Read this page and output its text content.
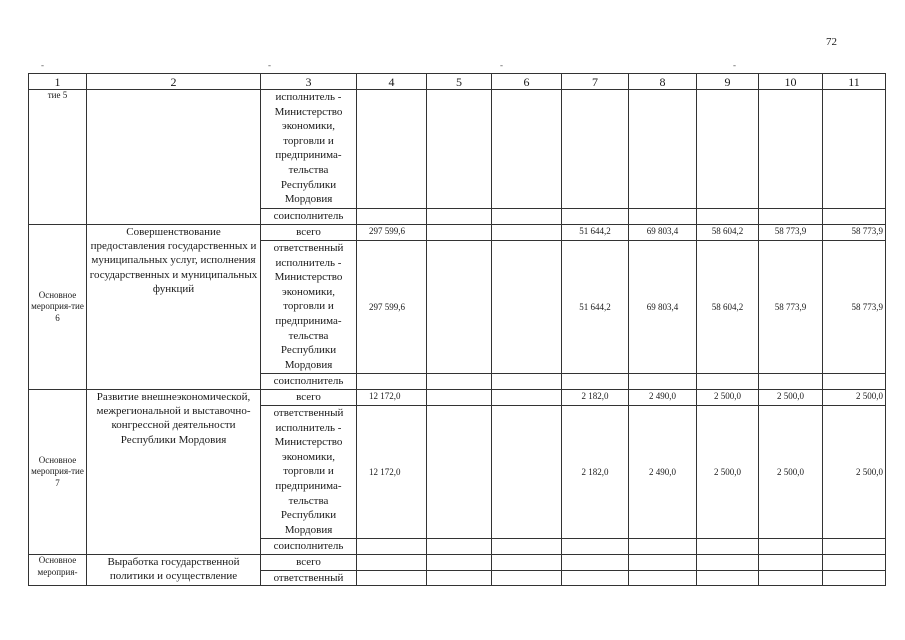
72
-	-	-	-
1	2	3	4	5	6	7	8	9	10	11
тие 5		исполнитель - Министерство экономики, торговли и предпринима-тельства Республики Мордовия								
		соисполнитель								
Основное мероприя-тие 6	Совершенствование предоставления государственных и муниципальных услуг, исполнения государственных и муниципальных функций	всего	297 599,6			51 644,2	69 803,4	58 604,2	58 773,9	58 773,9
		ответственный исполнитель - Министерство экономики, торговли и предпринима-тельства Республики Мордовия	297 599,6			51 644,2	69 803,4	58 604,2	58 773,9	58 773,9
		соисполнитель								
Основное мероприя-тие 7	Развитие внешнеэкономической, межрегиональной и выставочно-конгрессной деятельности Республики Мордовия	всего	12 172,0			2 182,0	2 490,0	2 500,0	2 500,0	2 500,0
		ответственный исполнитель - Министерство экономики, торговли и предпринима-тельства Республики Мордовия	12 172,0			2 182,0	2 490,0	2 500,0	2 500,0	2 500,0
		соисполнитель								
Основное мероприя-	Выработка государственной политики и осуществление	всего								
		ответственный								
